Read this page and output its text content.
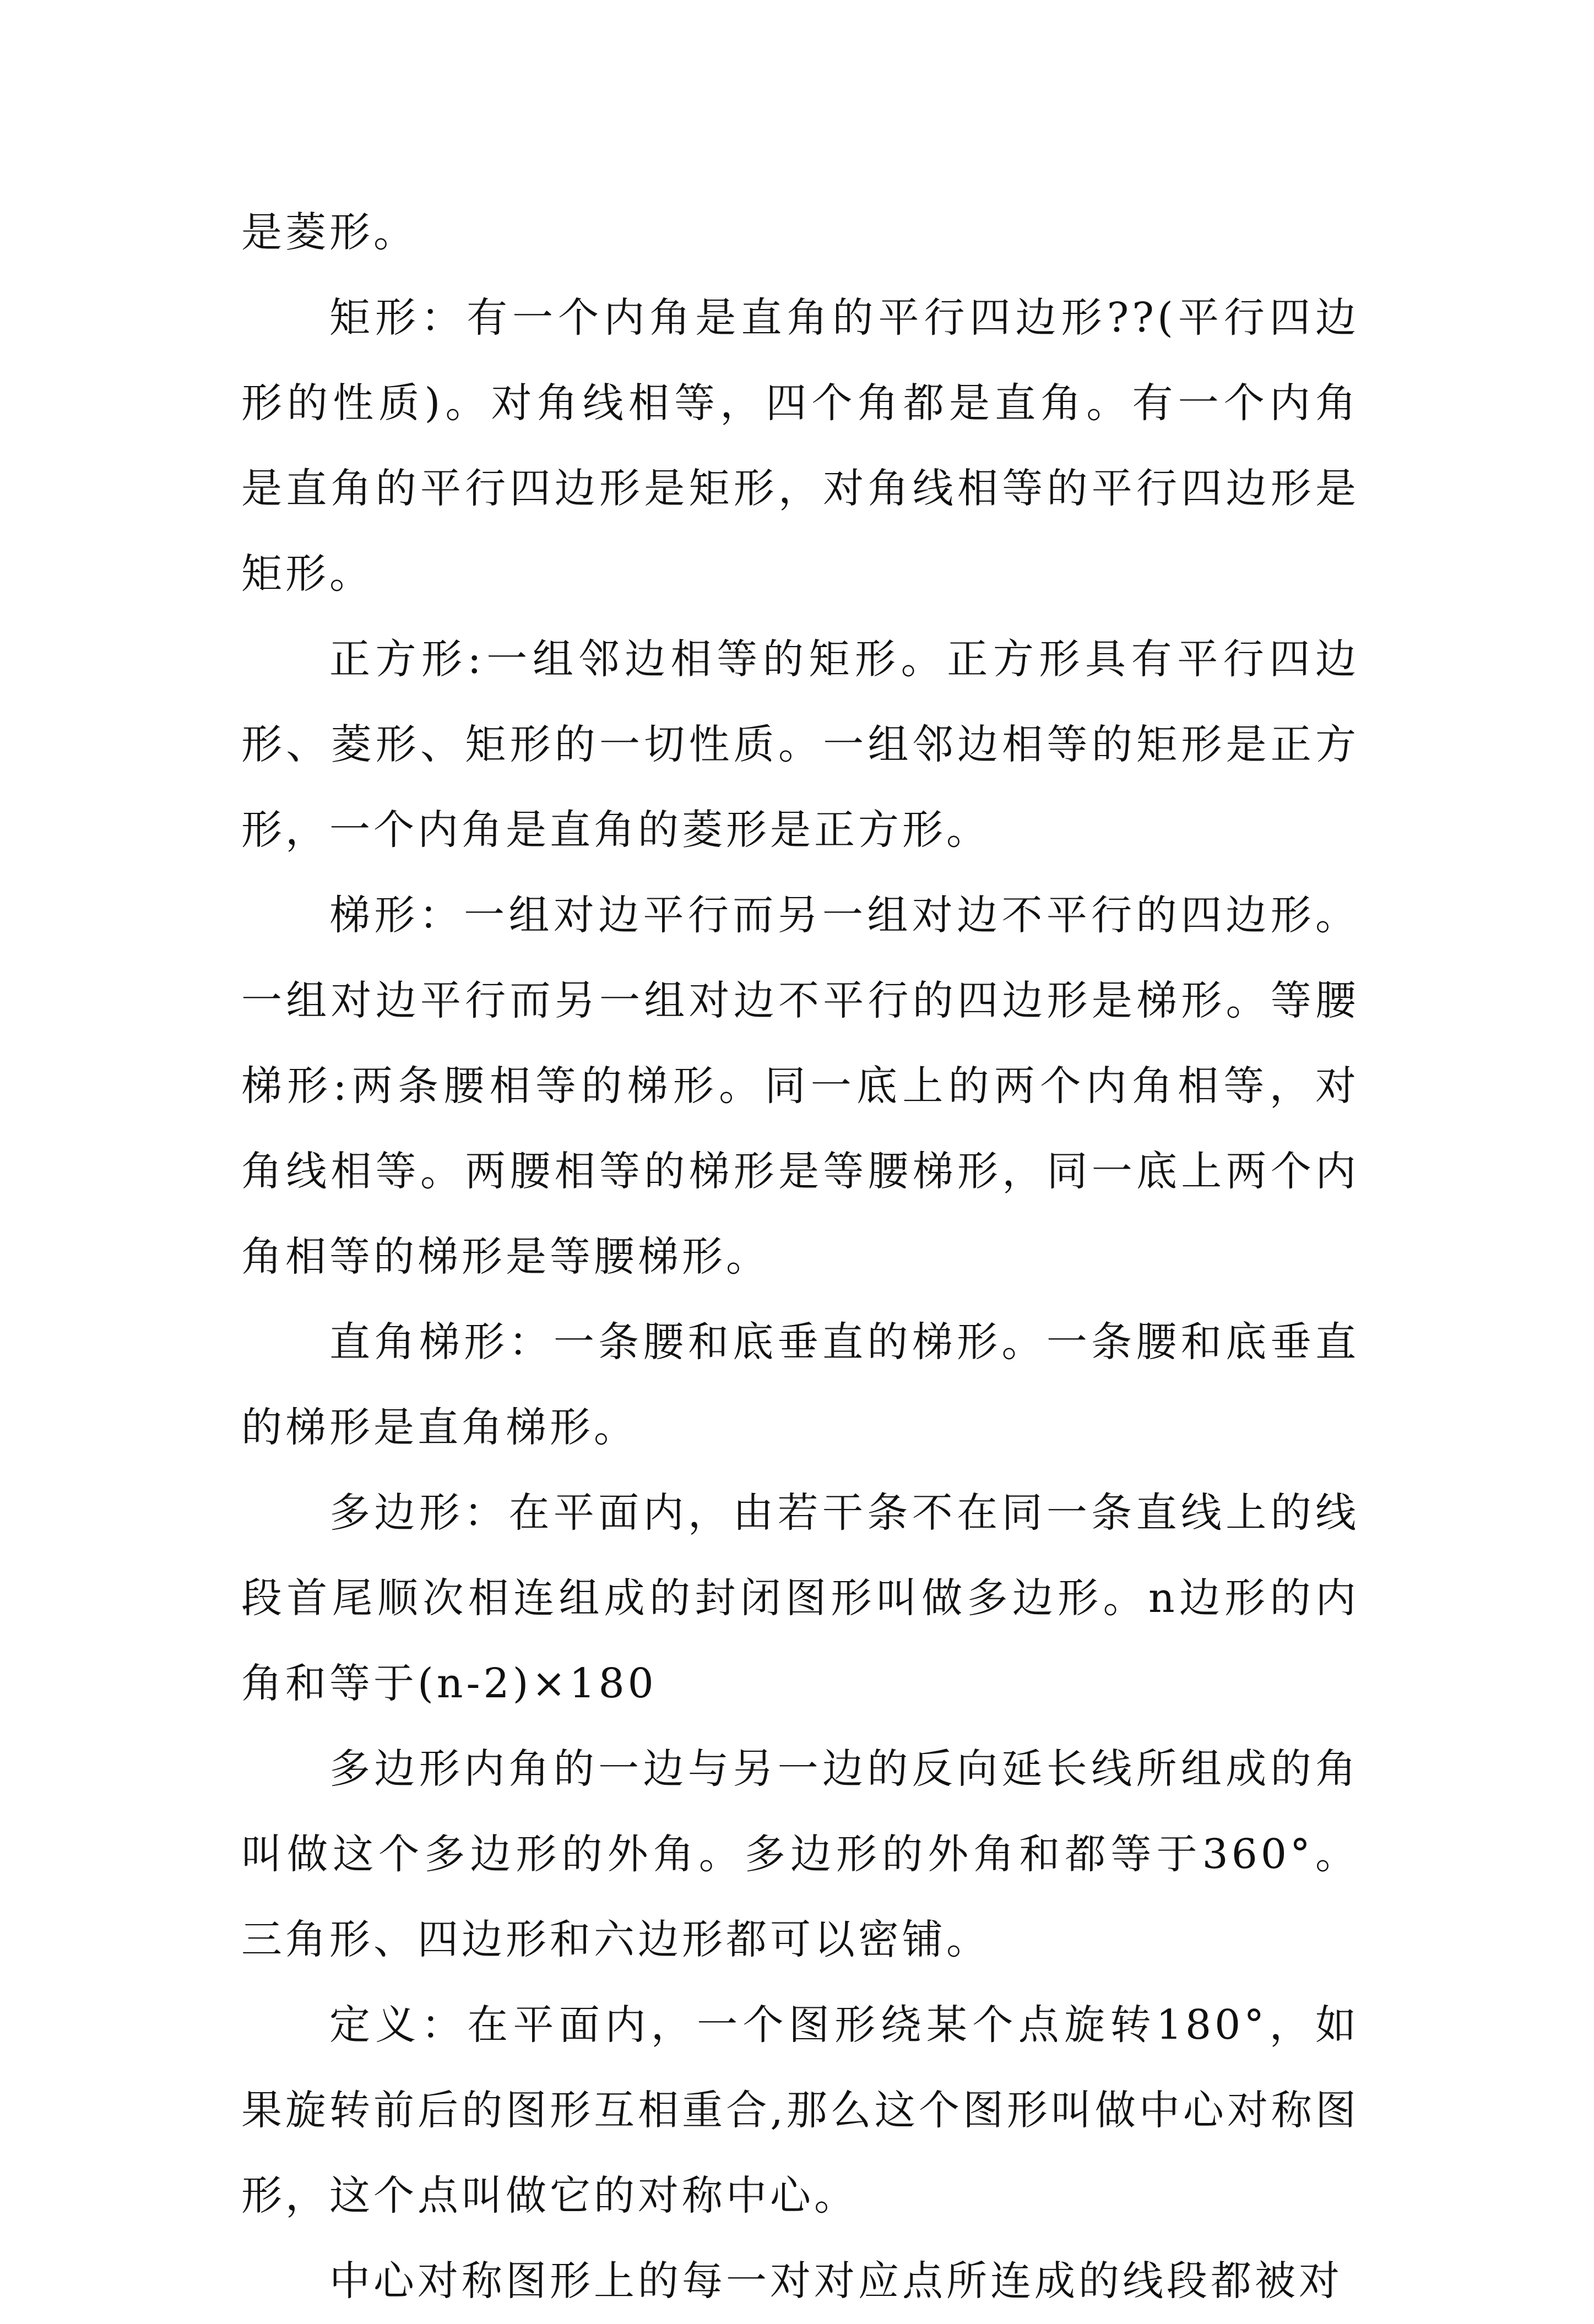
是菱形。

矩形：有一个内角是直角的平行四边形??(平行四边形的性质)。对角线相等，四个角都是直角。有一个内角是直角的平行四边形是矩形，对角线相等的平行四边形是矩形。

正方形:一组邻边相等的矩形。正方形具有平行四边形、菱形、矩形的一切性质。一组邻边相等的矩形是正方形，一个内角是直角的菱形是正方形。

梯形：一组对边平行而另一组对边不平行的四边形。一组对边平行而另一组对边不平行的四边形是梯形。等腰梯形:两条腰相等的梯形。同一底上的两个内角相等，对角线相等。两腰相等的梯形是等腰梯形，同一底上两个内角相等的梯形是等腰梯形。

直角梯形：一条腰和底垂直的梯形。一条腰和底垂直的梯形是直角梯形。

多边形：在平面内，由若干条不在同一条直线上的线段首尾顺次相连组成的封闭图形叫做多边形。n边形的内角和等于(n-2)×180

多边形内角的一边与另一边的反向延长线所组成的角叫做这个多边形的外角。多边形的外角和都等于360°。三角形、四边形和六边形都可以密铺。

定义：在平面内，一个图形绕某个点旋转180°，如果旋转前后的图形互相重合,那么这个图形叫做中心对称图形，这个点叫做它的对称中心。

中心对称图形上的每一对对应点所连成的线段都被对
